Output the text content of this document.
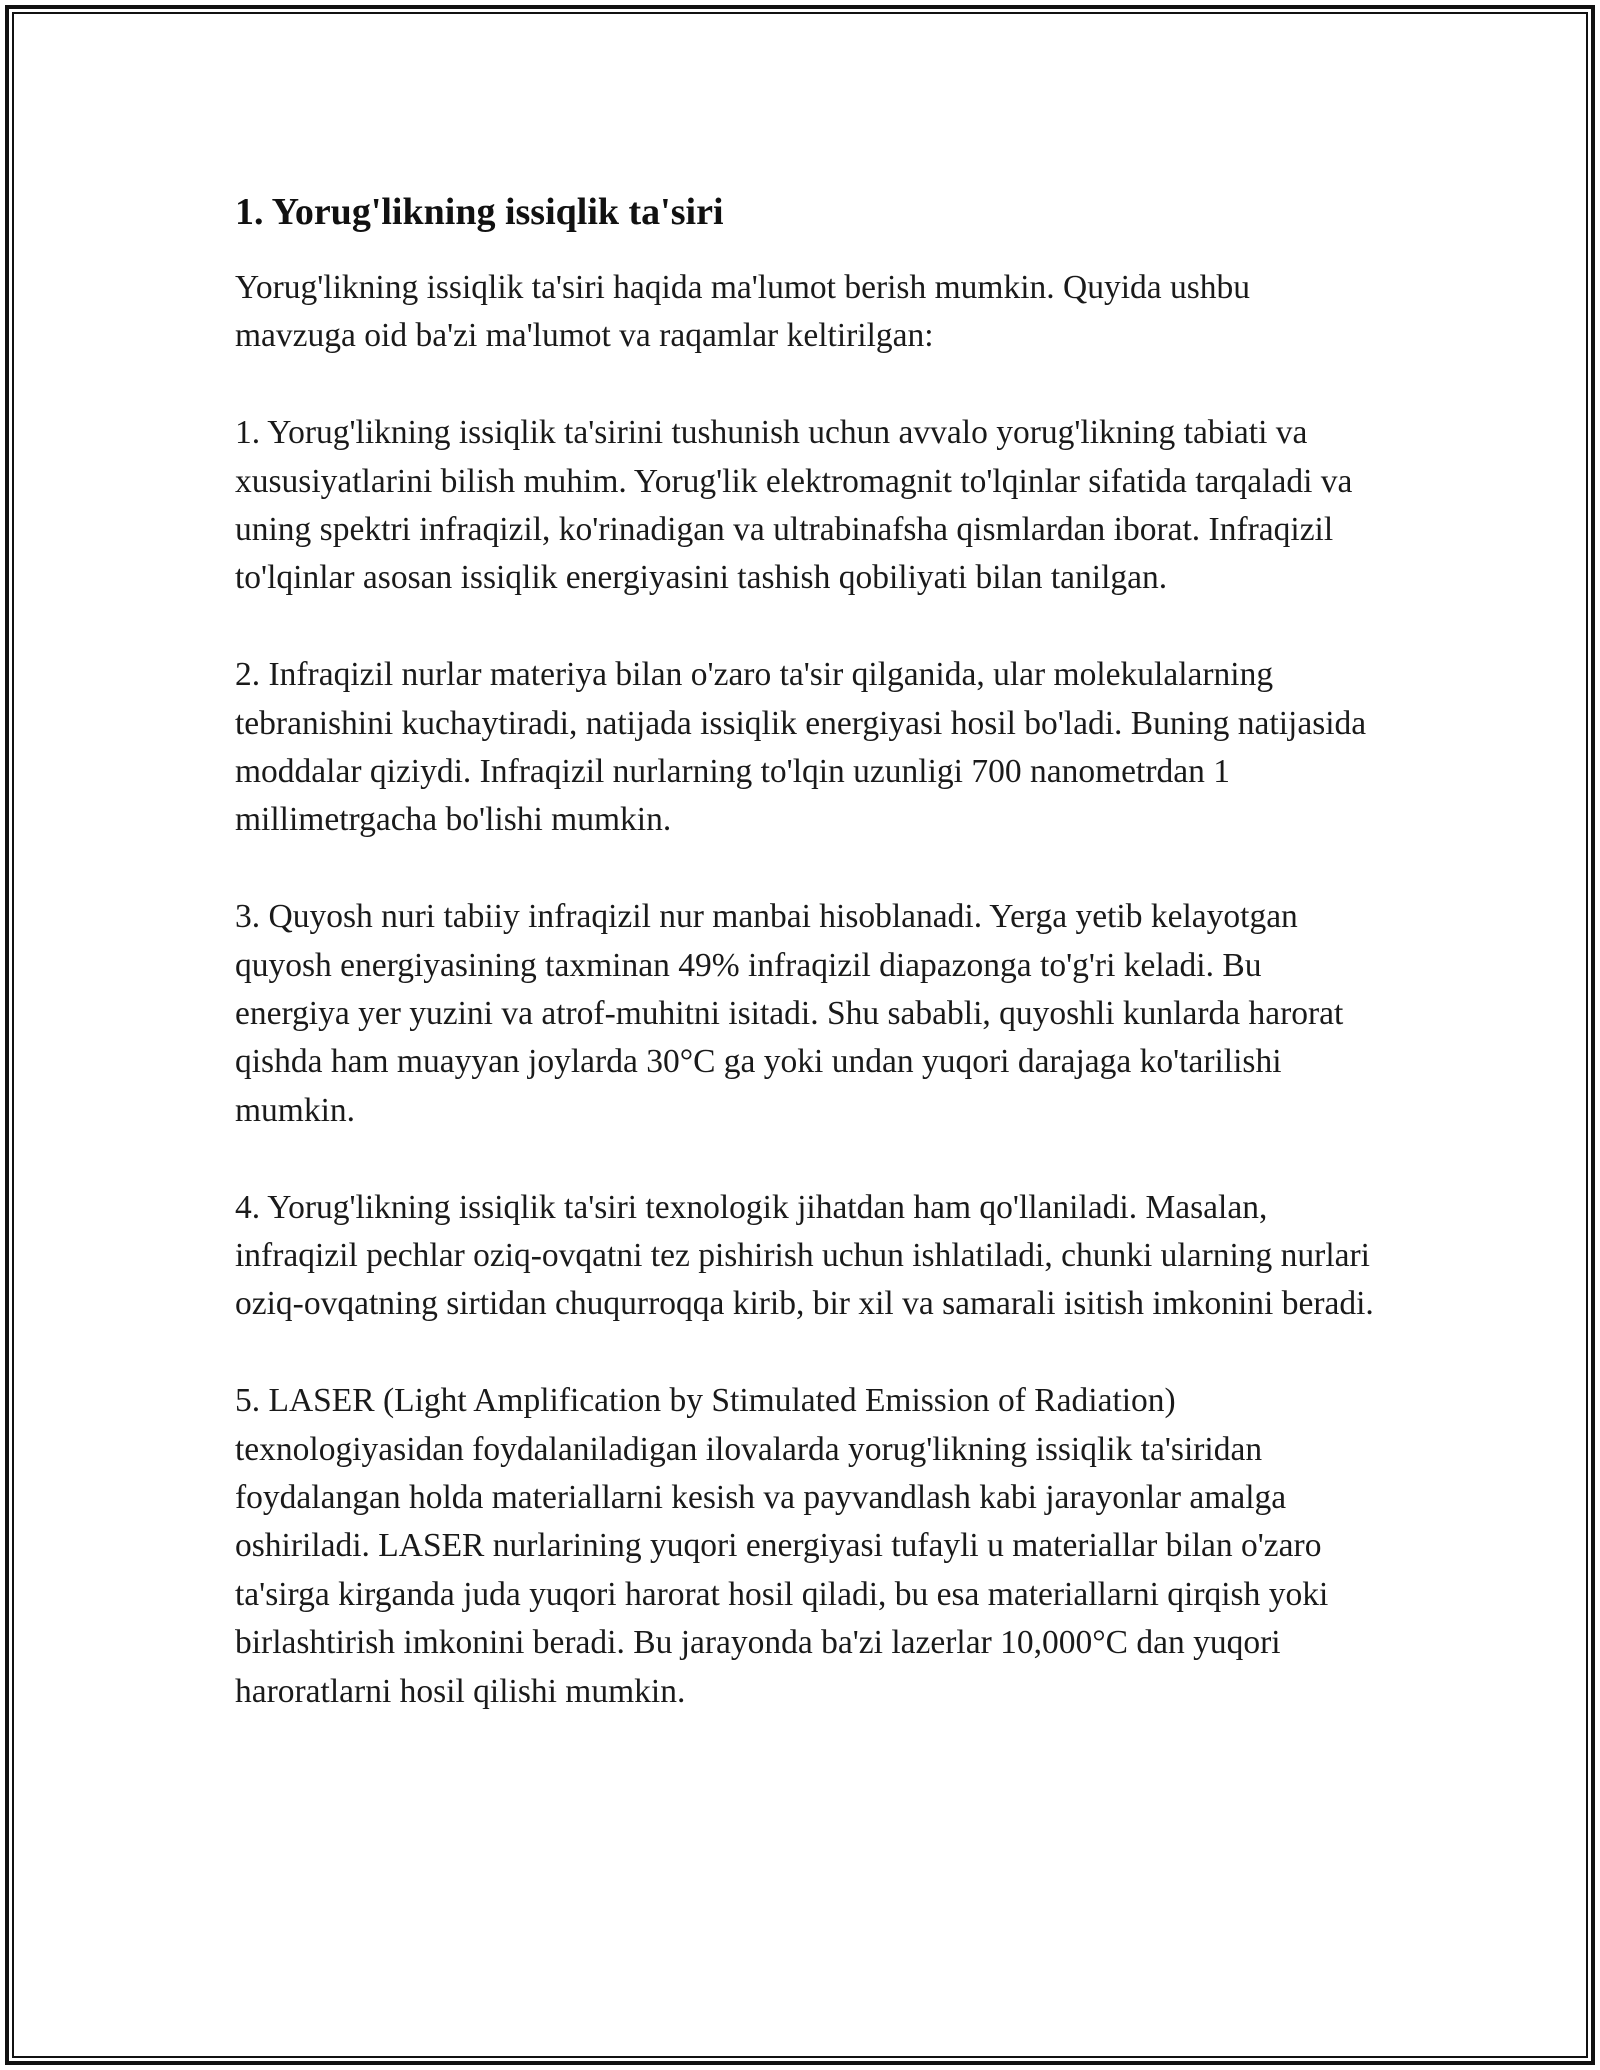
1. Yorug'likning issiqlik ta'siri

Yorug'likning issiqlik ta'siri haqida ma'lumot berish mumkin. Quyida ushbu mavzuga oid ba'zi ma'lumot va raqamlar keltirilgan:

1. Yorug'likning issiqlik ta'sirini tushunish uchun avvalo yorug'likning tabiati va xususiyatlarini bilish muhim. Yorug'lik elektromagnit to'lqinlar sifatida tarqaladi va uning spektri infraqizil, ko'rinadigan va ultrabinafsha qismlardan iborat. Infraqizil to'lqinlar asosan issiqlik energiyasini tashish qobiliyati bilan tanilgan.

2. Infraqizil nurlar materiya bilan o'zaro ta'sir qilganida, ular molekulalarning tebranishini kuchaytiradi, natijada issiqlik energiyasi hosil bo'ladi. Buning natijasida moddalar qiziydi. Infraqizil nurlarning to'lqin uzunligi 700 nanometrdan 1 millimetrgacha bo'lishi mumkin.

3. Quyosh nuri tabiiy infraqizil nur manbai hisoblanadi. Yerga yetib kelayotgan quyosh energiyasining taxminan 49% infraqizil diapazonga to'g'ri keladi. Bu energiya yer yuzini va atrof-muhitni isitadi. Shu sababli, quyoshli kunlarda harorat qishda ham muayyan joylarda 30°C ga yoki undan yuqori darajaga ko'tarilishi mumkin.

4. Yorug'likning issiqlik ta'siri texnologik jihatdan ham qo'llaniladi. Masalan, infraqizil pechlar oziq-ovqatni tez pishirish uchun ishlatiladi, chunki ularning nurlari oziq-ovqatning sirtidan chuqurroqqa kirib, bir xil va samarali isitish imkonini beradi.

5. LASER (Light Amplification by Stimulated Emission of Radiation) texnologiyasidan foydalaniladigan ilovalarda yorug'likning issiqlik ta'siridan foydalangan holda materiallarni kesish va payvandlash kabi jarayonlar amalga oshiriladi. LASER nurlarining yuqori energiyasi tufayli u materiallar bilan o'zaro ta'sirga kirganda juda yuqori harorat hosil qiladi, bu esa materiallarni qirqish yoki birlashtirish imkonini beradi. Bu jarayonda ba'zi lazerlar 10,000°C dan yuqori haroratlarni hosil qilishi mumkin.
